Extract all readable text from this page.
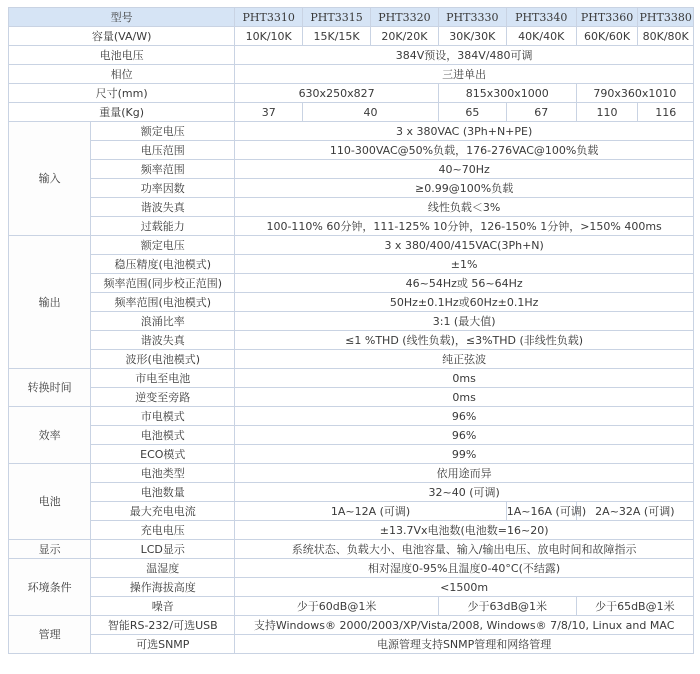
型号		PHT3310	PHT3315	PHT3320	PHT3330	PHT3340	PHT3360	PHT3380
容量(VA/W)		10K/10K	15K/15K	20K/20K	30K/30K	40K/40K	60K/60K	80K/80K
电池电压		384V预设，384V/480可调						
相位		三进单出						
尺寸(mm)		630x250x827			815x300x1000		790x360x1010	
重量(Kg)		37	40		65	67	110	116
输入	额定电压	3 x 380VAC (3Ph+N+PE)						
	电压范围	110-300VAC@50%负载，176-276VAC@100%负载						
	频率范围	40~70Hz						
	功率因数	≥0.99@100%负载						
	谐波失真	线性负载＜3%						
	过载能力	100-110% 60分钟，111-125% 10分钟，126-150% 1分钟，>150% 400ms						
输出	额定电压	3 x 380/400/415VAC(3Ph+N)						
	稳压精度(电池模式)	±1%						
	频率范围(同步校正范围)	46~54Hz或 56~64Hz						
	频率范围(电池模式)	50Hz±0.1Hz或60Hz±0.1Hz						
	浪涌比率	3:1 (最大值)						
	谐波失真	≤1 %THD (线性负载)，≤3%THD (非线性负载)						
	波形(电池模式)	纯正弦波						
转换时间	市电至电池	0ms						
	逆变至旁路	0ms						
效率	市电模式	96%						
	电池模式	96%						
	ECO模式	99%						
电池	电池类型	依用途而异						
	电池数量	32~40 (可调)						
	最大充电电流	1A~12A (可调)				1A~16A (可调)	2A~32A (可调)	
	充电电压	±13.7Vx电池数(电池数=16~20)						
显示	LCD显示	系统状态、负载大小、电池容量、输入/输出电压、放电时间和故障指示						
环境条件	温湿度	相对湿度0-95%且温度0-40°C(不结露)						
	操作海拔高度	<1500m						
	噪音	少于60dB@1米			少于63dB@1米		少于65dB@1米	
管理	智能RS-232/可选USB	支持Windows® 2000/2003/XP/Vista/2008, Windows® 7/8/10, Linux and MAC						
	可选SNMP	电源管理支持SNMP管理和网络管理						
